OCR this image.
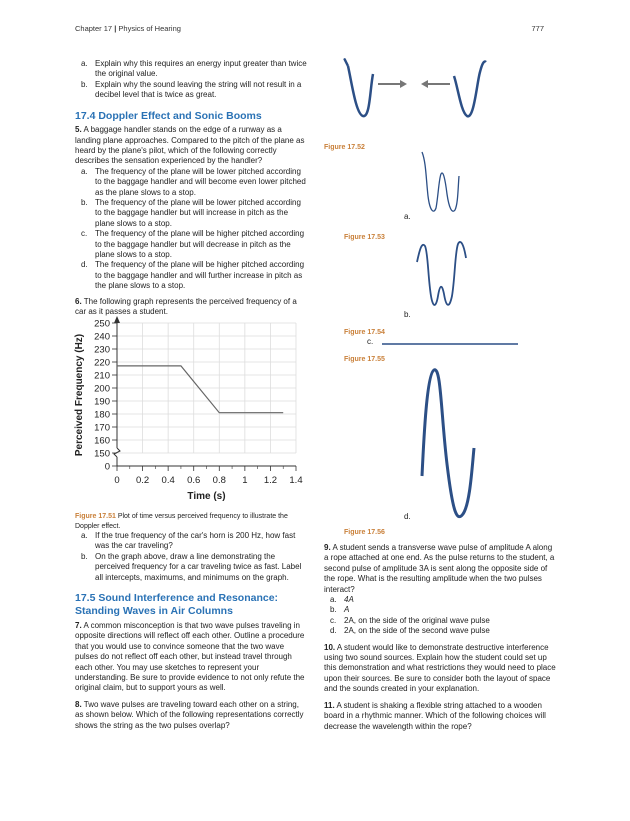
Chapter 17 | Physics of Hearing	777
a. Explain why this requires an energy input greater than twice the original value.
b. Explain why the sound leaving the string will not result in a decibel level that is twice as great.
17.4 Doppler Effect and Sonic Booms

5. A baggage handler stands on the edge of a runway as a landing plane approaches. Compared to the pitch of the plane as heard by the plane's pilot, which of the following correctly describes the sensation experienced by the handler?

a. The frequency of the plane will be lower pitched according to the baggage handler and will become even lower pitched as the plane slows to a stop.
b. The frequency of the plane will be lower pitched according to the baggage handler but will increase in pitch as the plane slows to a stop.
c. The frequency of the plane will be higher pitched according to the baggage handler but will decrease in pitch as the plane slows to a stop.
d. The frequency of the plane will be higher pitched according to the baggage handler and will further increase in pitch as the plane slows to a stop.

6. The following graph represents the perceived frequency of a car as it passes a student.

0
150
160
170
180
190
200
210
220
230
240
250
0 0.2 0.4 0.6 0.8 1 1.2 1.4
Time (s)
Perceived Frequency (Hz)

Figure 17.51 Plot of time versus perceived frequency to illustrate the Doppler effect.

a. If the true frequency of the car's horn is 200 Hz, how fast was the car traveling?
b. On the graph above, draw a line demonstrating the perceived frequency for a car traveling twice as fast. Label all intercepts, maximums, and minimums on the graph.
17.5 Sound Interference and Resonance: Standing Waves in Air Columns

7. A common misconception is that two wave pulses traveling in opposite directions will reflect off each other. Outline a procedure that you would use to convince someone that the two wave pulses do not reflect off each other, but instead travel through each other. You may use sketches to represent your understanding. Be sure to provide evidence to not only refute the original claim, but to support yours as well.

8. Two wave pulses are traveling toward each other on a string, as shown below. Which of the following representations correctly shows the string as the two pulses overlap?

Figure 17.52
a.
Figure 17.53
b.
Figure 17.54
c.
Figure 17.55
d.
Figure 17.56

9. A student sends a transverse wave pulse of amplitude A along a rope attached at one end. As the pulse returns to the student, a second pulse of amplitude 3A is sent along the opposite side of the rope. What is the resulting amplitude when the two pulses interact?

a. 4A
b. A
c. 2A, on the side of the original wave pulse
d. 2A, on the side of the second wave pulse

10. A student would like to demonstrate destructive interference using two sound sources. Explain how the student could set up this demonstration and what restrictions they would need to place upon their sources. Be sure to consider both the layout of space and the sounds created in your explanation.

11. A student is shaking a flexible string attached to a wooden board in a rhythmic manner. Which of the following choices will decrease the wavelength within the rope?
